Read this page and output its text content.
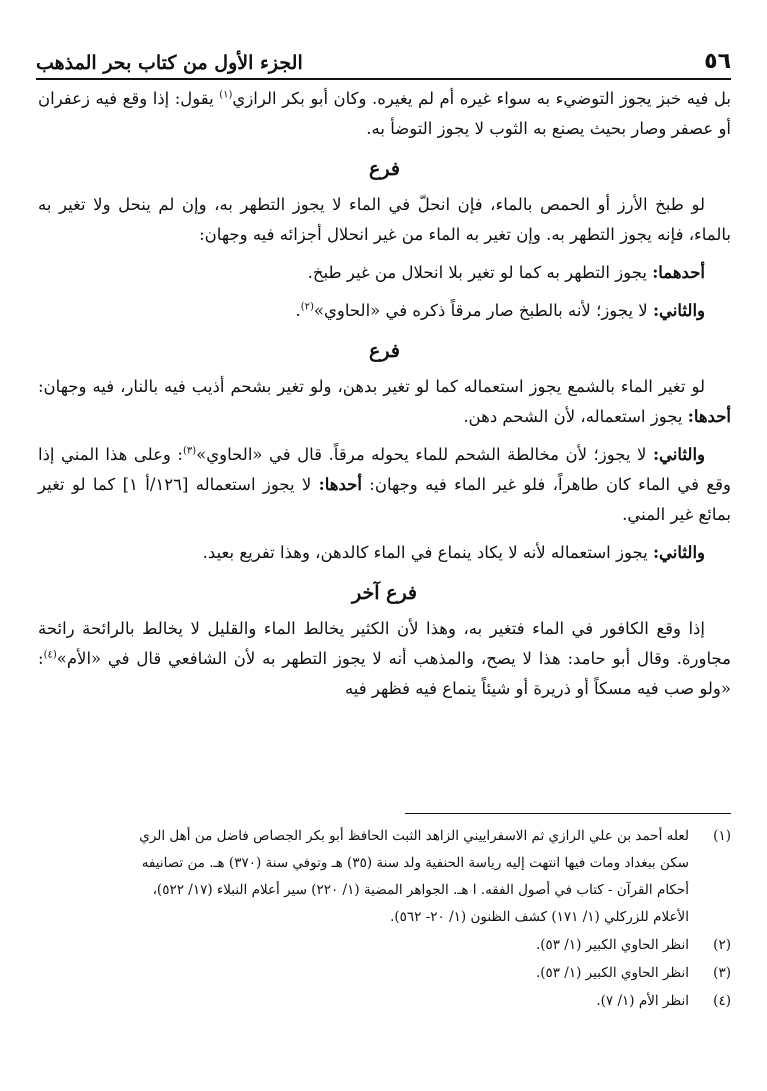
٥٦
الجزء الأول من كتاب بحر المذهب

بل فيه خبز يجوز التوضيء به سواء غيره أم لم يغيره. وكان أبو بكر الرازي$^{(١)}$ يقول: إذا وقع فيه زعفران أو عصفر وصار بحيث يصنع به الثوب لا يجوز التوضأ به.

فرع

لو طبخ الأرز أو الحمص بالماء، فإن انحلّ في الماء لا يجوز التطهر به، وإن لم ينحل ولا تغير به بالماء، فإنه يجوز التطهر به. وإن تغير به الماء من غير انحلال أجزائه فيه وجهان:

أحدهما: يجوز التطهر به كما لو تغير بلا انحلال من غير طبخ.

والثاني: لا يجوز؛ لأنه بالطبخ صار مرقاً ذكره في «الحاوي»$^{(٢)}$.

فرع

لو تغير الماء بالشمع يجوز استعماله كما لو تغير بدهن، ولو تغير بشحم أذيب فيه بالنار، فيه وجهان: أحدها: يجوز استعماله، لأن الشحم دهن.

والثاني: لا يجوز؛ لأن مخالطة الشحم للماء يحوله مرقاً. قال في «الحاوي»$^{(٣)}$: وعلى هذا المني إذا وقع في الماء كان طاهراً، فلو غير الماء فيه وجهان: أحدها: لا يجوز استعماله [١٢٦/أ ١] كما لو تغير بمائع غير المني.

والثاني: يجوز استعماله لأنه لا يكاد ينماع في الماء كالدهن، وهذا تفريع بعيد.

فرع آخر

إذا وقع الكافور في الماء فتغير به، وهذا لأن الكثير يخالط الماء والقليل لا يخالط بالرائحة رائحة مجاورة. وقال أبو حامد: هذا لا يصح، والمذهب أنه لا يجوز التطهر به لأن الشافعي قال في «الأم»$^{(٤)}$: «ولو صب فيه مسكاً أو ذريرة أو شيئاً ينماع فيه فظهر فيه

(١)
لعله أحمد بن علي الرازي ثم الاسفراييني الزاهد الثبت الحافظ أبو بكر الجصاص فاضل من أهل الري
سكن ببغداد ومات فيها انتهت إليه رياسة الحنفية ولد سنة (٣٥) هـ وتوفي سنة (٣٧٠) هـ. من تصانيفه
أحكام القرآن - كتاب في أصول الفقه. ا هـ. الجواهر المضية (١/ ٢٢٠) سير أعلام النبلاء (١٧/ ٥٢٢)،
الأعلام للزركلي (١/ ١٧١) كشف الظنون (١/ ٢٠- ٥٦٢).
(٢)
انظر الحاوي الكبير (١/ ٥٣).
(٣)
انظر الحاوي الكبير (١/ ٥٣).
(٤)
انظر الأم (١/ ٧).
